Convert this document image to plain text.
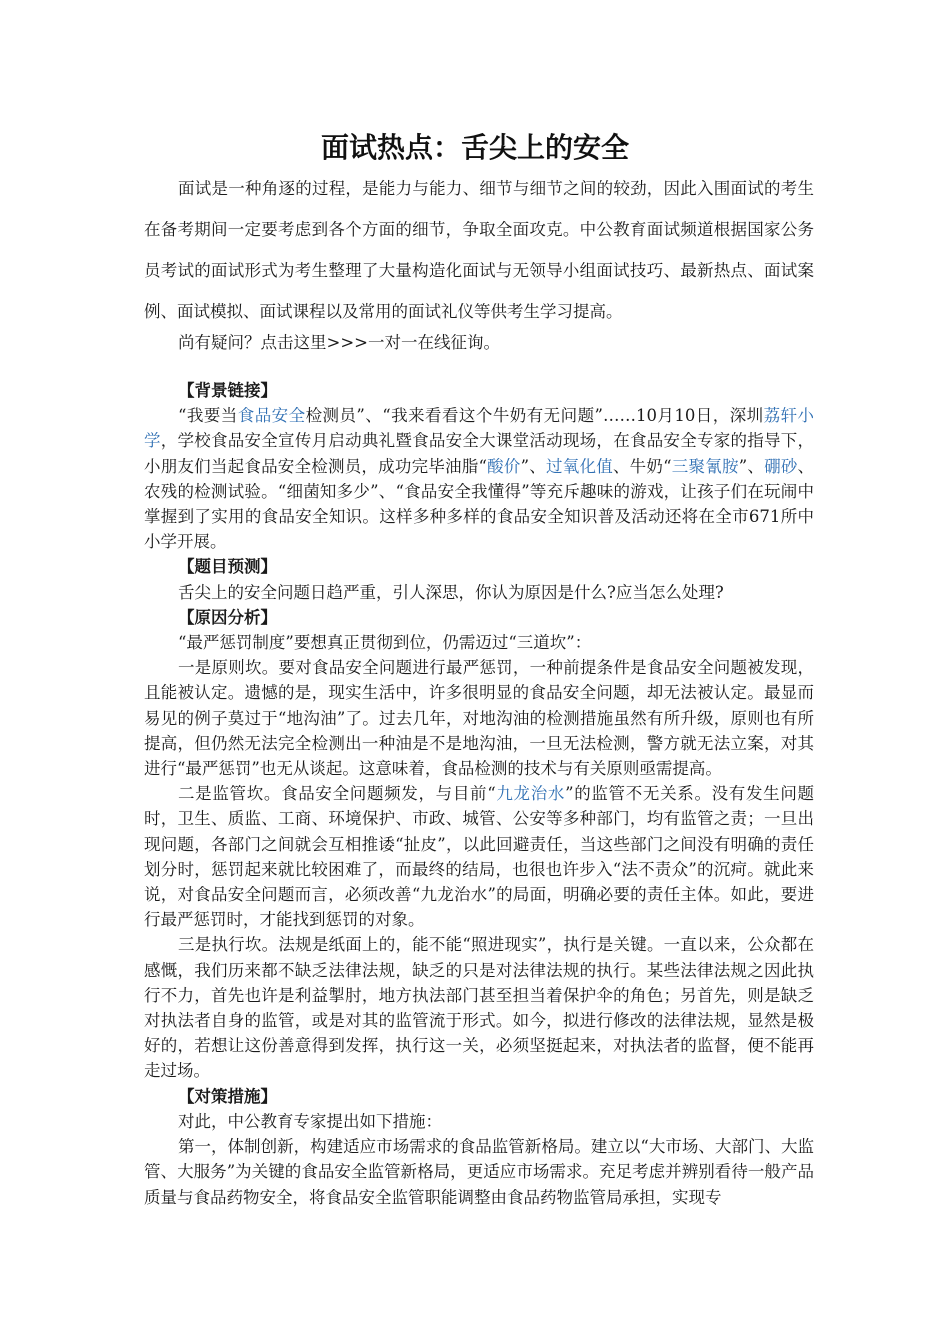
面试热点：舌尖上的安全
面试是一种角逐的过程，是能力与能力、细节与细节之间的较劲，因此入围面试的考生在备考期间一定要考虑到各个方面的细节，争取全面攻克。中公教育面试频道根据国家公务员考试的面试形式为考生整理了大量构造化面试与无领导小组面试技巧、最新热点、面试案例、面试模拟、面试课程以及常用的面试礼仪等供考生学习提高。
尚有疑问？点击这里>>>一对一在线征询。

【背景链接】

“我要当食品安全检测员”、“我来看看这个牛奶有无问题”……10月10日，深圳荔轩小学，学校食品安全宣传月启动典礼暨食品安全大课堂活动现场，在食品安全专家的指导下，小朋友们当起食品安全检测员，成功完毕油脂“酸价”、过氧化值、牛奶“三聚氰胺”、硼砂、农残的检测试验。“细菌知多少”、“食品安全我懂得”等充斥趣味的游戏，让孩子们在玩闹中掌握到了实用的食品安全知识。这样多种多样的食品安全知识普及活动还将在全市671所中小学开展。

【题目预测】

舌尖上的安全问题日趋严重，引人深思，你认为原因是什么?应当怎么处理?

【原因分析】

“最严惩罚制度”要想真正贯彻到位，仍需迈过“三道坎”：

一是原则坎。要对食品安全问题进行最严惩罚，一种前提条件是食品安全问题被发现，且能被认定。遗憾的是，现实生活中，许多很明显的食品安全问题，却无法被认定。最显而易见的例子莫过于“地沟油”了。过去几年，对地沟油的检测措施虽然有所升级，原则也有所提高，但仍然无法完全检测出一种油是不是地沟油，一旦无法检测，警方就无法立案，对其进行“最严惩罚”也无从谈起。这意味着，食品检测的技术与有关原则亟需提高。

二是监管坎。食品安全问题频发，与目前“九龙治水”的监管不无关系。没有发生问题时，卫生、质监、工商、环境保护、市政、城管、公安等多种部门，均有监管之责；一旦出现问题，各部门之间就会互相推诿“扯皮”，以此回避责任，当这些部门之间没有明确的责任划分时，惩罚起来就比较困难了，而最终的结局，也很也许步入“法不责众”的沉疴。就此来说，对食品安全问题而言，必须改善“九龙治水”的局面，明确必要的责任主体。如此，要进行最严惩罚时，才能找到惩罚的对象。

三是执行坎。法规是纸面上的，能不能“照进现实”，执行是关键。一直以来，公众都在感慨，我们历来都不缺乏法律法规，缺乏的只是对法律法规的执行。某些法律法规之因此执行不力，首先也许是利益掣肘，地方执法部门甚至担当着保护伞的角色；另首先，则是缺乏对执法者自身的监管，或是对其的监管流于形式。如今，拟进行修改的法律法规，显然是极好的，若想让这份善意得到发挥，执行这一关，必须坚挺起来，对执法者的监督，便不能再走过场。

【对策措施】

对此，中公教育专家提出如下措施：

第一，体制创新，构建适应市场需求的食品监管新格局。建立以“大市场、大部门、大监管、大服务”为关键的食品安全监管新格局，更适应市场需求。充足考虑并辨别看待一般产品质量与食品药物安全，将食品安全监管职能调整由食品药物监管局承担，实现专
